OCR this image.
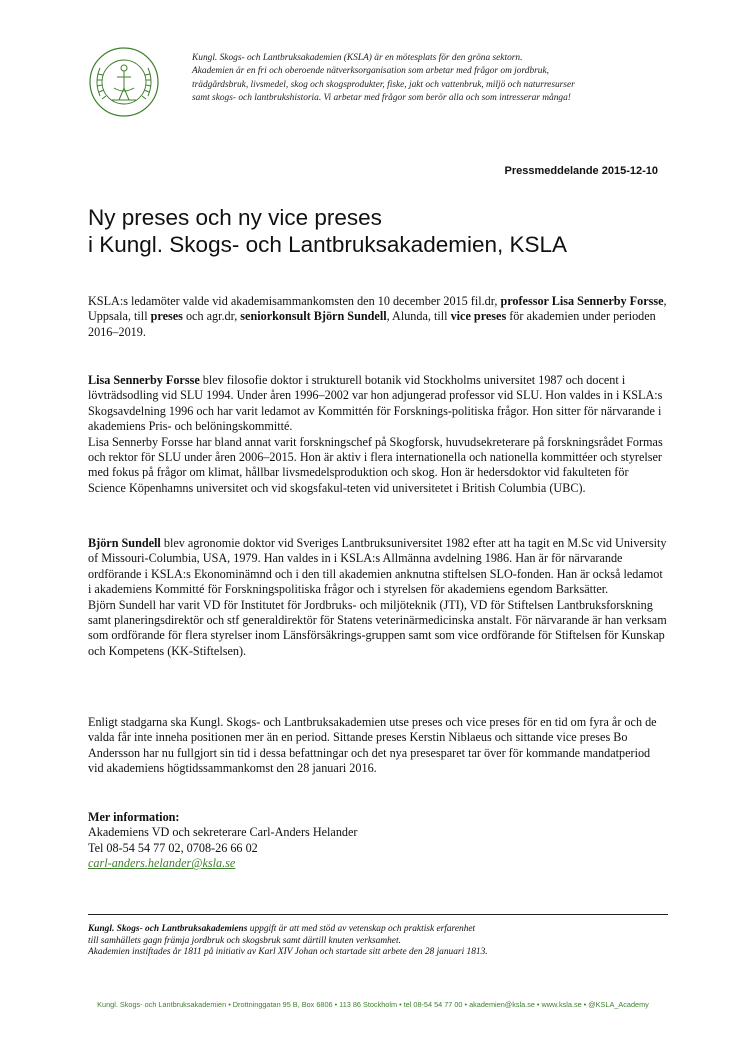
Kungl. Skogs- och Lantbruksakademien (KSLA) är en mötesplats för den gröna sektorn.

Akademien är en fri och oberoende nätverksorganisation som arbetar med frågor om jordbruk,

trädgårdsbruk, livsmedel, skog och skogsprodukter, fiske, jakt och vattenbruk, miljö och naturresurser

samt skogs- och lantbrukshistoria. Vi arbetar med frågor som berör alla och som intresserar många!

Pressmeddelande 2015-12-10
Ny preses och ny vice preses
i Kungl. Skogs- och Lantbruksakademien, KSLA

KSLA:s ledamöter valde vid akademisammankomsten den 10 december 2015 fil.dr, professor Lisa Sennerby Forsse, Uppsala, till preses och agr.dr, seniorkonsult Björn Sundell, Alunda, till vice preses för akademien under perioden 2016–2019.

Lisa Sennerby Forsse blev filosofie doktor i strukturell botanik vid Stockholms universitet 1987 och docent i lövträdsodling vid SLU 1994. Under åren 1996–2002 var hon adjungerad professor vid SLU. Hon valdes in i KSLA:s Skogsavdelning 1996 och har varit ledamot av Kommittén för Forsknings-politiska frågor. Hon sitter för närvarande i akademiens Pris- och belöningskommitté.

Lisa Sennerby Forsse har bland annat varit forskningschef på Skogforsk, huvudsekreterare på forskningsrådet Formas och rektor för SLU under åren 2006–2015. Hon är aktiv i flera internationella och nationella kommittéer och styrelser med fokus på frågor om klimat, hållbar livsmedelsproduktion och skog. Hon är hedersdoktor vid fakulteten för Science Köpenhamns universitet och vid skogsfakul-teten vid universitetet i British Columbia (UBC).

Björn Sundell blev agronomie doktor vid Sveriges Lantbruksuniversitet 1982 efter att ha tagit en M.Sc vid University of Missouri-Columbia, USA, 1979. Han valdes in i KSLA:s Allmänna avdelning 1986. Han är för närvarande ordförande i KSLA:s Ekonominämnd och i den till akademien anknutna stiftelsen SLO-fonden. Han är också ledamot i akademiens Kommitté för Forskningspolitiska frågor och i styrelsen för akademiens egendom Barksätter.

Björn Sundell har varit VD för Institutet för Jordbruks- och miljöteknik (JTI), VD för Stiftelsen Lantbruksforskning samt planeringsdirektör och stf generaldirektör för Statens veterinärmedicinska anstalt. För närvarande är han verksam som ordförande för flera styrelser inom Länsförsäkrings-gruppen samt som vice ordförande för Stiftelsen för Kunskap och Kompetens (KK-Stiftelsen).

Enligt stadgarna ska Kungl. Skogs- och Lantbruksakademien utse preses och vice preses för en tid om fyra år och de valda får inte inneha positionen mer än en period. Sittande preses Kerstin Niblaeus och sittande vice preses Bo Andersson har nu fullgjort sin tid i dessa befattningar och det nya presesparet tar över för kommande mandatperiod vid akademiens högtidssammankomst den 28 januari 2016.

Mer information:

Akademiens VD och sekreterare Carl-Anders Helander

Tel 08-54 54 77 02, 0708-26 66 02

carl-anders.helander@ksla.se

Kungl. Skogs- och Lantbruksakademiens uppgift är att med stöd av vetenskap och praktisk erfarenhet

till samhällets gagn främja jordbruk och skogsbruk samt därtill knuten verksamhet.

Akademien instiftades år 1811 på initiativ av Karl XIV Johan och startade sitt arbete den 28 januari 1813.

Kungl. Skogs- och Lantbruksakademien • Drottninggatan 95 B, Box 6806 • 113 86 Stockholm • tel 08-54 54 77 00 • akademien@ksla.se • www.ksla.se • @KSLA_Academy
